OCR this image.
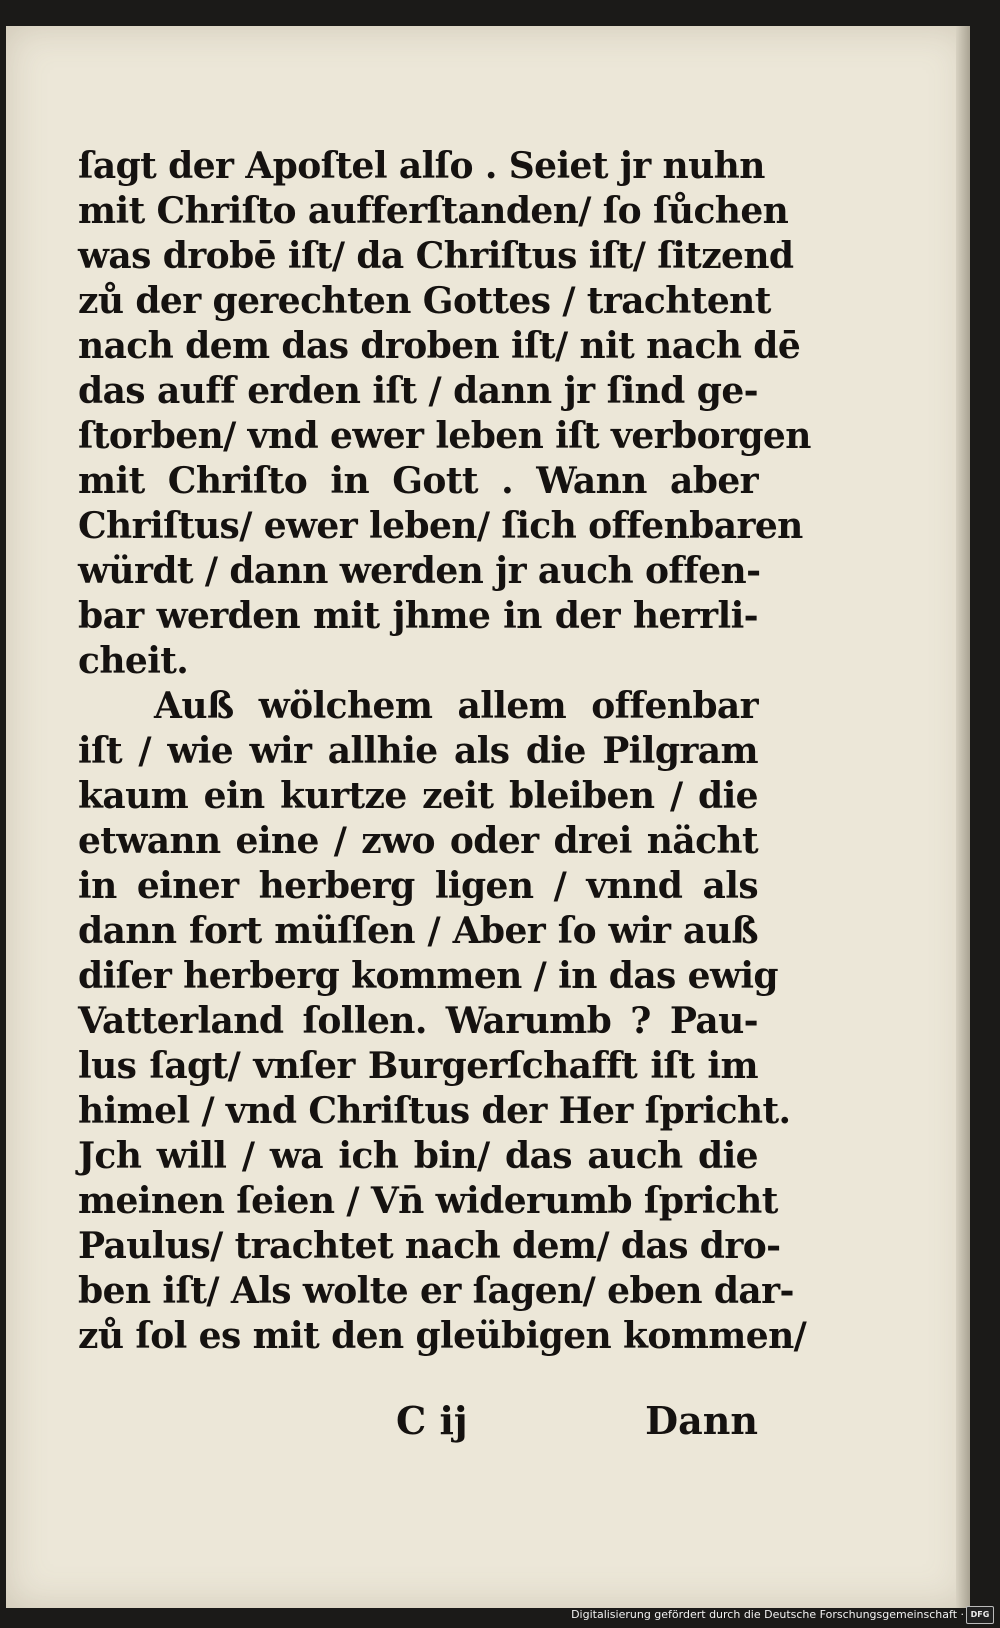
ſagt der Apoſtel alſo . Seiet jr nuhn
mit Chriſto aufferſtanden/ ſo ſůchen
was drobē iſt/ da Chriſtus iſt/ ſitzend
zů der gerechten Gottes / trachtent
nach dem das droben iſt/ nit nach dē
das auff erden iſt / dann jr ſind ge-
ſtorben/ vnd ewer leben iſt verborgen
mit Chriſto in Gott . Wann aber
Chriſtus/ ewer leben/ ſich offenbaren
würdt / dann werden jr auch offen-
bar werden mit jhme in der herrli-
cheit.
Auß wölchem allem offenbar
iſt / wie wir allhie als die Pilgram
kaum ein kurtze zeit bleiben / die
etwann eine / zwo oder drei nächt
in einer herberg ligen / vnnd als
dann fort müſſen / Aber ſo wir auß
diſer herberg kommen / in das ewig
Vatterland ſollen. Warumb ? Pau-
lus ſagt/ vnſer Burgerſchafft iſt im
himel / vnd Chriſtus der Her ſpricht.
Jch will / wa ich bin/ das auch die
meinen ſeien / Vn̄ widerumb ſpricht
Paulus/ trachtet nach dem/ das dro-
ben iſt/ Als wolte er ſagen/ eben dar-
zů ſol es mit den gleübigen kommen/
C ij	Dann
Digitalisierung gefördert durch die Deutsche Forschungsgemeinschaft · DFG
